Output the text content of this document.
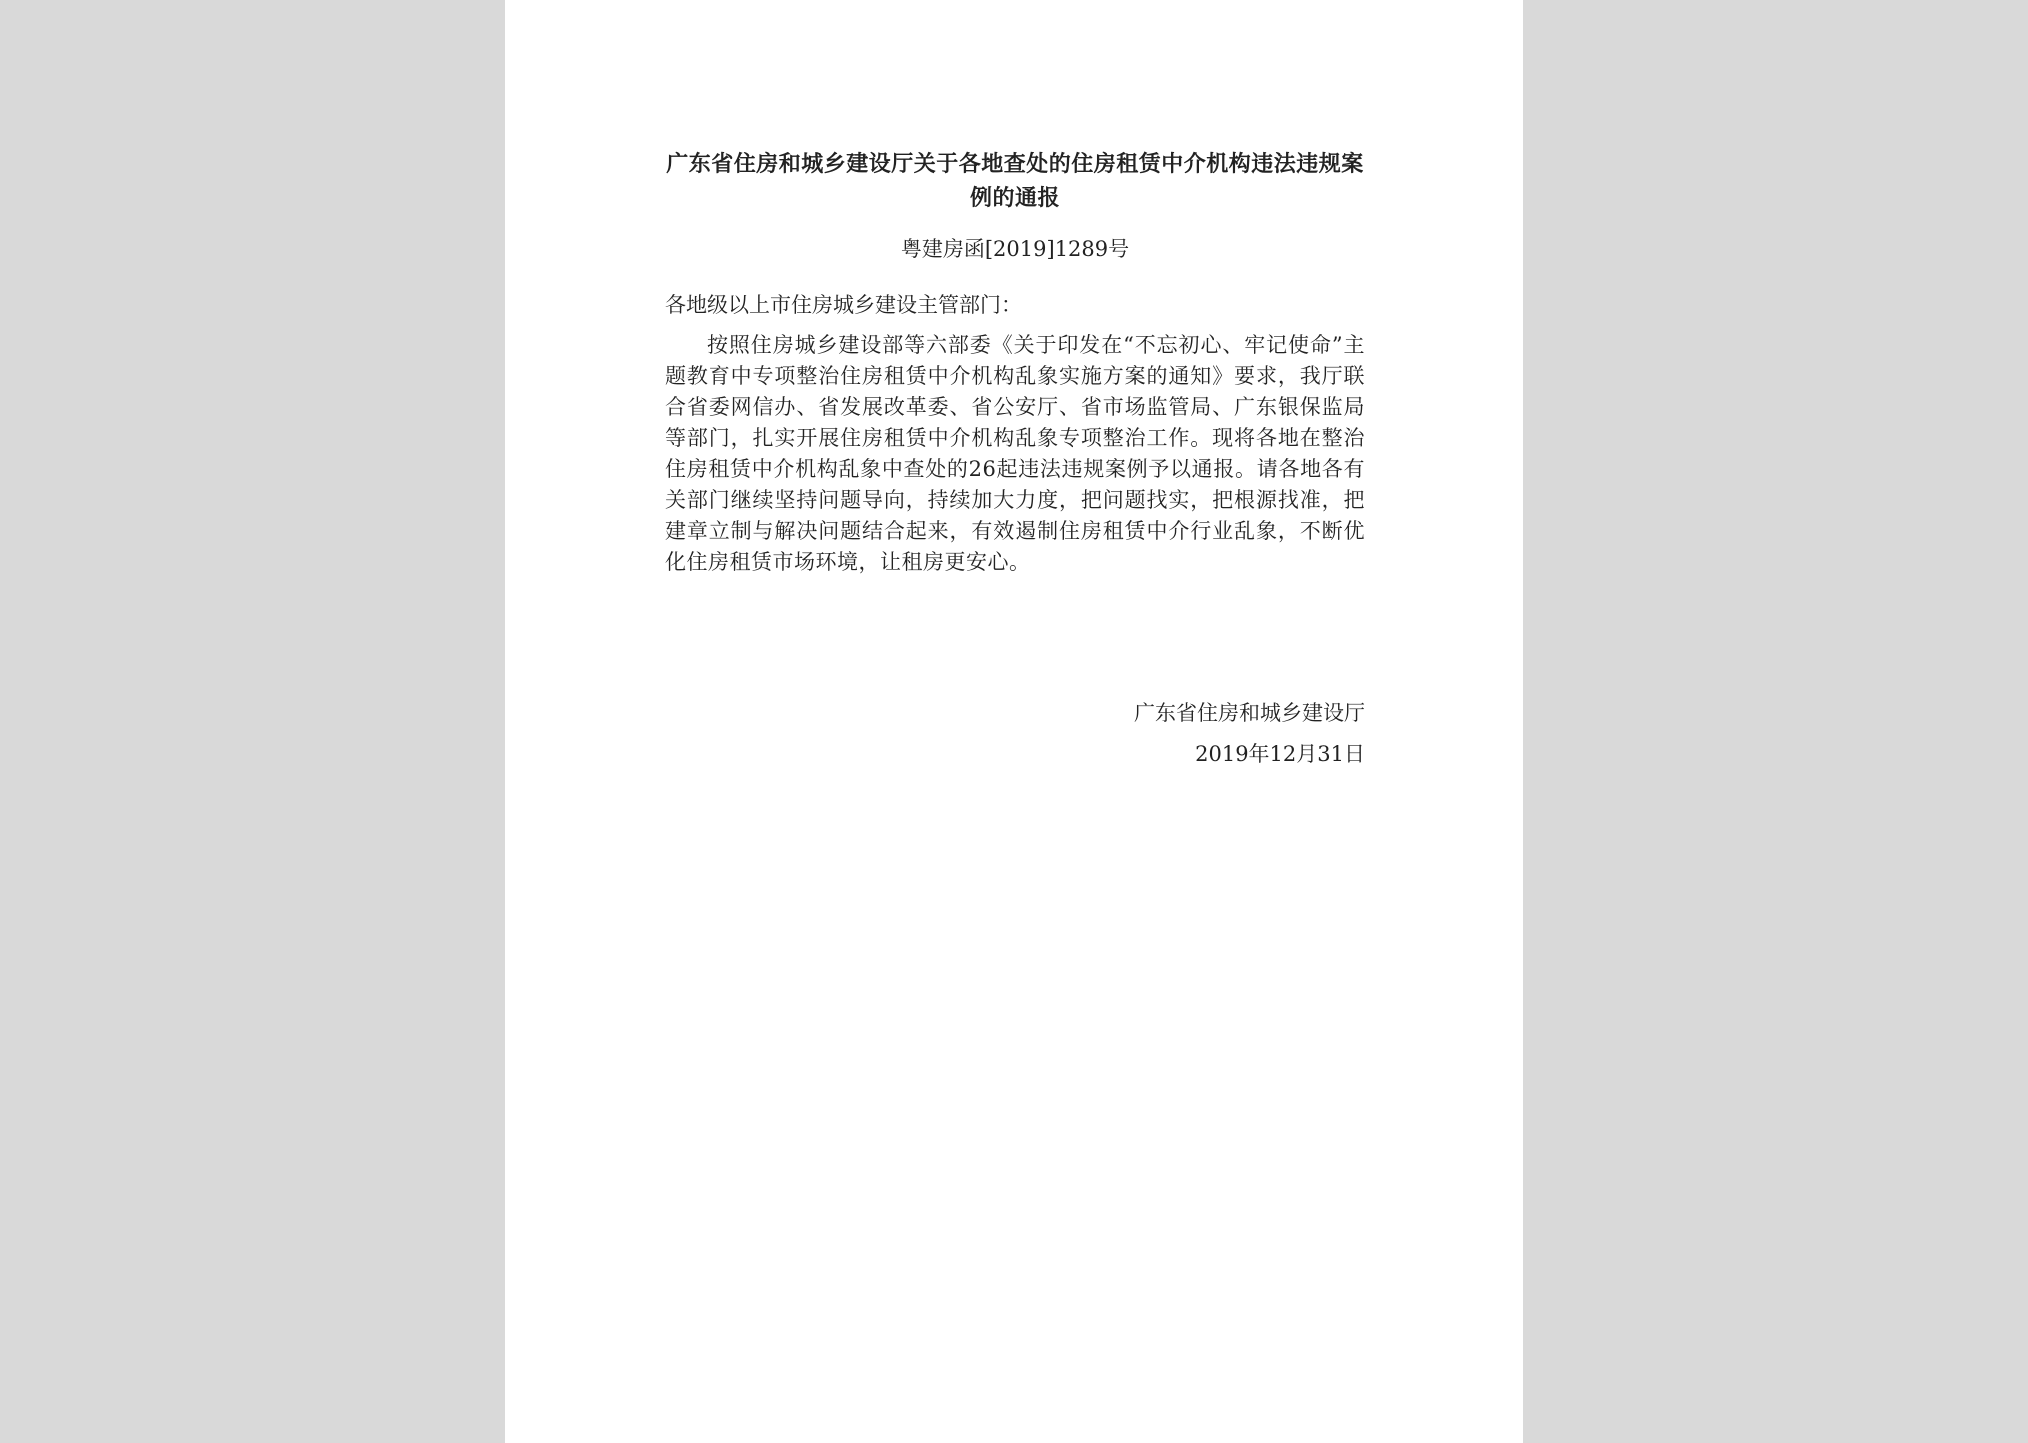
广东省住房和城乡建设厅关于各地查处的住房租赁中介机构违法违规案例的通报
粤建房函[2019]1289号
各地级以上市住房城乡建设主管部门：

按照住房城乡建设部等六部委《关于印发在“不忘初心、牢记使命”主题教育中专项整治住房租赁中介机构乱象实施方案的通知》要求，我厅联合省委网信办、省发展改革委、省公安厅、省市场监管局、广东银保监局等部门，扎实开展住房租赁中介机构乱象专项整治工作。现将各地在整治住房租赁中介机构乱象中查处的26起违法违规案例予以通报。请各地各有关部门继续坚持问题导向，持续加大力度，把问题找实，把根源找准，把建章立制与解决问题结合起来，有效遏制住房租赁中介行业乱象，不断优化住房租赁市场环境，让租房更安心。

广东省住房和城乡建设厅
2019年12月31日
